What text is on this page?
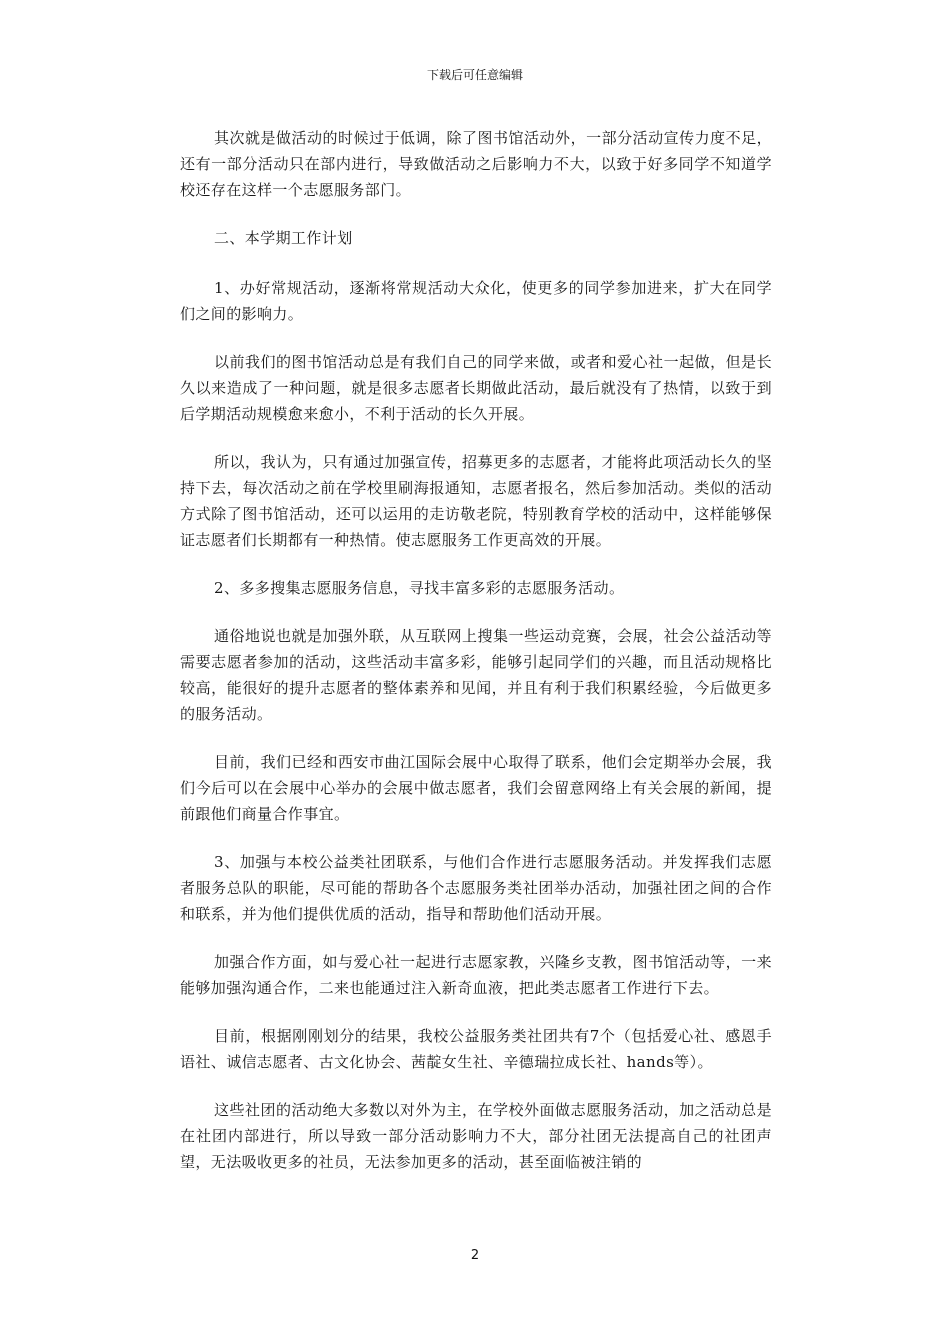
下载后可任意编辑

其次就是做活动的时候过于低调，除了图书馆活动外，一部分活动宣传力度不足，还有一部分活动只在部内进行，导致做活动之后影响力不大，以致于好多同学不知道学校还存在这样一个志愿服务部门。

二、本学期工作计划

1、办好常规活动，逐渐将常规活动大众化，使更多的同学参加进来，扩大在同学们之间的影响力。

以前我们的图书馆活动总是有我们自己的同学来做，或者和爱心社一起做，但是长久以来造成了一种问题，就是很多志愿者长期做此活动，最后就没有了热情，以致于到后学期活动规模愈来愈小，不利于活动的长久开展。

所以，我认为，只有通过加强宣传，招募更多的志愿者，才能将此项活动长久的坚持下去，每次活动之前在学校里刷海报通知，志愿者报名，然后参加活动。类似的活动方式除了图书馆活动，还可以运用的走访敬老院，特别教育学校的活动中，这样能够保证志愿者们长期都有一种热情。使志愿服务工作更高效的开展。

2、多多搜集志愿服务信息，寻找丰富多彩的志愿服务活动。

通俗地说也就是加强外联，从互联网上搜集一些运动竞赛，会展，社会公益活动等需要志愿者参加的活动，这些活动丰富多彩，能够引起同学们的兴趣，而且活动规格比较高，能很好的提升志愿者的整体素养和见闻，并且有利于我们积累经验，今后做更多的服务活动。

目前，我们已经和西安市曲江国际会展中心取得了联系，他们会定期举办会展，我们今后可以在会展中心举办的会展中做志愿者，我们会留意网络上有关会展的新闻，提前跟他们商量合作事宜。

3、加强与本校公益类社团联系，与他们合作进行志愿服务活动。并发挥我们志愿者服务总队的职能，尽可能的帮助各个志愿服务类社团举办活动，加强社团之间的合作和联系，并为他们提供优质的活动，指导和帮助他们活动开展。

加强合作方面，如与爱心社一起进行志愿家教，兴隆乡支教，图书馆活动等，一来能够加强沟通合作，二来也能通过注入新奇血液，把此类志愿者工作进行下去。

目前，根据刚刚划分的结果，我校公益服务类社团共有7个（包括爱心社、感恩手语社、诚信志愿者、古文化协会、茜靛女生社、辛德瑞拉成长社、hands等）。

这些社团的活动绝大多数以对外为主，在学校外面做志愿服务活动，加之活动总是在社团内部进行，所以导致一部分活动影响力不大，部分社团无法提高自己的社团声望，无法吸收更多的社员，无法参加更多的活动，甚至面临被注销的

2
